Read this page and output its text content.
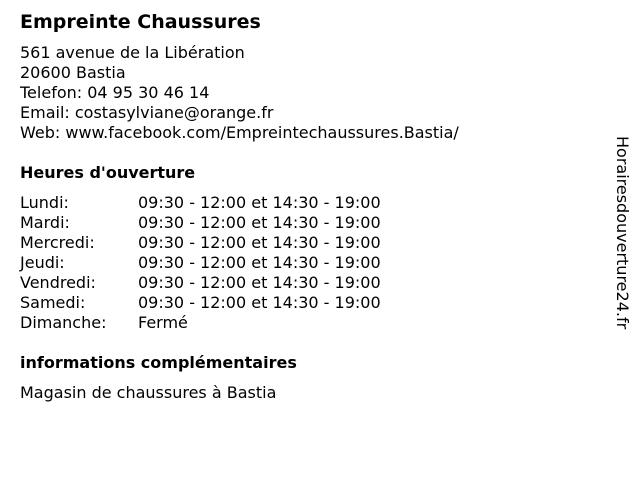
Empreinte Chaussures
561 avenue de la Libération
20600 Bastia
Telefon: 04 95 30 46 14
Email: costasylviane@orange.fr
Web: www.facebook.com/Empreintechaussures.Bastia/
Heures d'ouverture
Lundi:	09:30 - 12:00 et 14:30 - 19:00
Mardi:	09:30 - 12:00 et 14:30 - 19:00
Mercredi:	09:30 - 12:00 et 14:30 - 19:00
Jeudi:	09:30 - 12:00 et 14:30 - 19:00
Vendredi:	09:30 - 12:00 et 14:30 - 19:00
Samedi:	09:30 - 12:00 et 14:30 - 19:00
Dimanche:	Fermé
informations complémentaires
Magasin de chaussures à Bastia
Horairesdouverture24.fr
